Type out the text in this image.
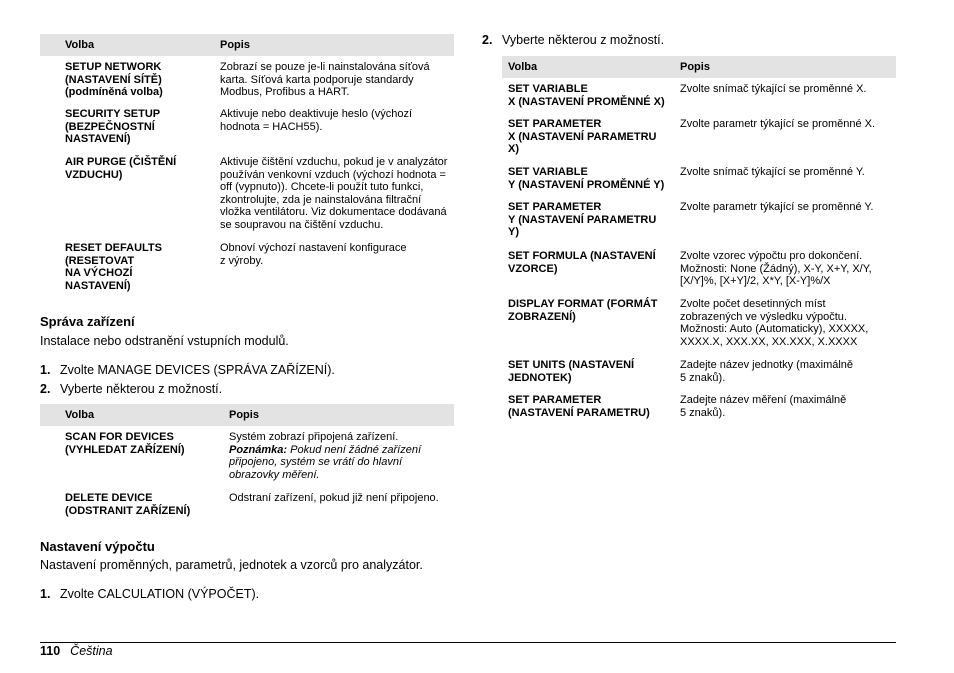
Volba	Popis
SETUP NETWORK
(NASTAVENÍ SÍTĚ)
(podmíněná volba)	Zobrazí se pouze je-li nainstalována síťová karta. Síťová karta podporuje standardy Modbus, Profibus a HART.
SECURITY SETUP
(BEZPEČNOSTNÍ
NASTAVENÍ)	Aktivuje nebo deaktivuje heslo (výchozí hodnota = HACH55).
AIR PURGE (ČIŠTĚNÍ
VZDUCHU)	Aktivuje čištění vzduchu, pokud je v analyzátor používán venkovní vzduch (výchozí hodnota = off (vypnuto)). Chcete-li použít tuto funkci, zkontrolujte, zda je nainstalována filtrační vložka ventilátoru. Viz dokumentace dodávaná se soupravou na čištění vzduchu.
RESET DEFAULTS
(RESETOVAT
NA VÝCHOZÍ
NASTAVENÍ)	Obnoví výchozí nastavení konfigurace
z výroby.
Správa zařízení

Instalace nebo odstranění vstupních modulů.

1. Zvolte MANAGE DEVICES (SPRÁVA ZAŘÍZENÍ).

2. Vyberte některou z možností.

Volba	Popis
SCAN FOR DEVICES
(VYHLEDAT ZAŘÍZENÍ)	Systém zobrazí připojená zařízení.
Poznámka: Pokud není žádné zařízení připojeno, systém se vrátí do hlavní obrazovky měření.
DELETE DEVICE
(ODSTRANIT ZAŘÍZENÍ)	Odstraní zařízení, pokud již není připojeno.
Nastavení výpočtu

Nastavení proměnných, parametrů, jednotek a vzorců pro analyzátor.

1. Zvolte CALCULATION (VÝPOČET).

2. Vyberte některou z možností.

Volba	Popis
SET VARIABLE
X (NASTAVENÍ PROMĚNNÉ X)	Zvolte snímač týkající se proměnné X.
SET PARAMETER
X (NASTAVENÍ PARAMETRU
X)	Zvolte parametr týkající se proměnné X.
SET VARIABLE
Y (NASTAVENÍ PROMĚNNÉ Y)	Zvolte snímač týkající se proměnné Y.
SET PARAMETER
Y (NASTAVENÍ PARAMETRU
Y)	Zvolte parametr týkající se proměnné Y.
SET FORMULA (NASTAVENÍ
VZORCE)	Zvolte vzorec výpočtu pro dokončení.
Možnosti: None (Žádný), X-Y, X+Y, X/Y,
[X/Y]%, [X+Y]/2, X*Y, [X-Y]%/X
DISPLAY FORMAT (FORMÁT
ZOBRAZENÍ)	Zvolte počet desetinných míst
zobrazených ve výsledku výpočtu.
Možnosti: Auto (Automaticky), XXXXX,
XXXX.X, XXX.XX, XX.XXX, X.XXXX
SET UNITS (NASTAVENÍ
JEDNOTEK)	Zadejte název jednotky (maximálně
5 znaků).
SET PARAMETER
(NASTAVENÍ PARAMETRU)	Zadejte název měření (maximálně
5 znaků).
110 Čeština
